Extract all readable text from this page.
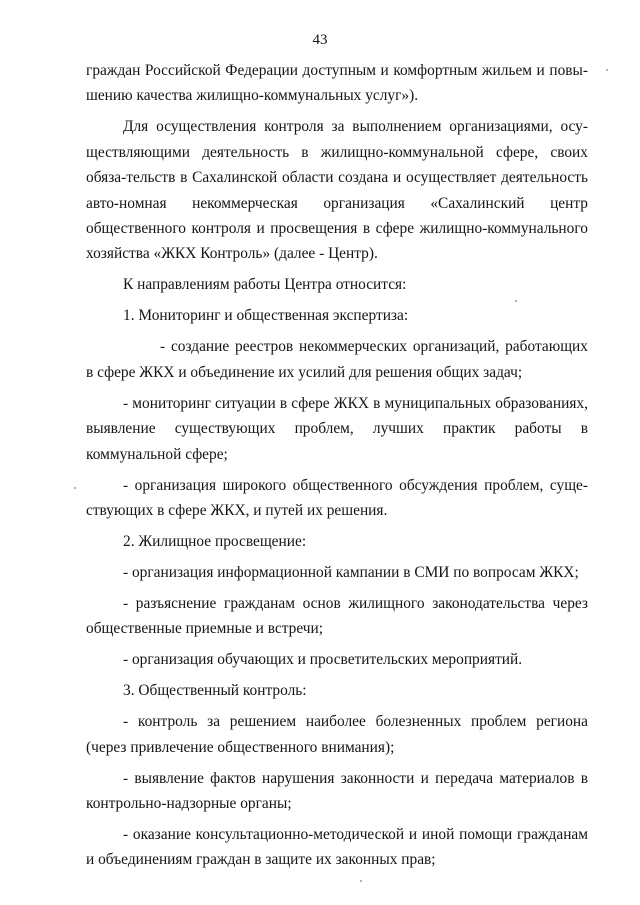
43

граждан Российской Федерации доступным и комфортным жильем и повы-шению качества жилищно-коммунальных услуг»).

Для осуществления контроля за выполнением организациями, осу-ществляющими деятельность в жилищно-коммунальной сфере, своих обяза-тельств в Сахалинской области создана и осуществляет деятельность авто-номная некоммерческая организация «Сахалинский центр общественного контроля и просвещения в сфере жилищно-коммунального хозяйства «ЖКХ Контроль» (далее - Центр).

К направлениям работы Центра относится:

1. Мониторинг и общественная экспертиза:

- создание реестров некоммерческих организаций, работающих в сфере ЖКХ и объединение их усилий для решения общих задач;

- мониторинг ситуации в сфере ЖКХ в муниципальных образованиях, выявление существующих проблем, лучших практик работы в коммунальной сфере;

- организация широкого общественного обсуждения проблем, суще-ствующих в сфере ЖКХ, и путей их решения.

2. Жилищное просвещение:

- организация информационной кампании в СМИ по вопросам ЖКХ;

- разъяснение гражданам основ жилищного законодательства через общественные приемные и встречи;

- организация обучающих и просветительских мероприятий.

3. Общественный контроль:

- контроль за решением наиболее болезненных проблем региона (через привлечение общественного внимания);

- выявление фактов нарушения законности и передача материалов в контрольно-надзорные органы;

- оказание консультационно-методической и иной помощи гражданам и объединениям граждан в защите их законных прав;
